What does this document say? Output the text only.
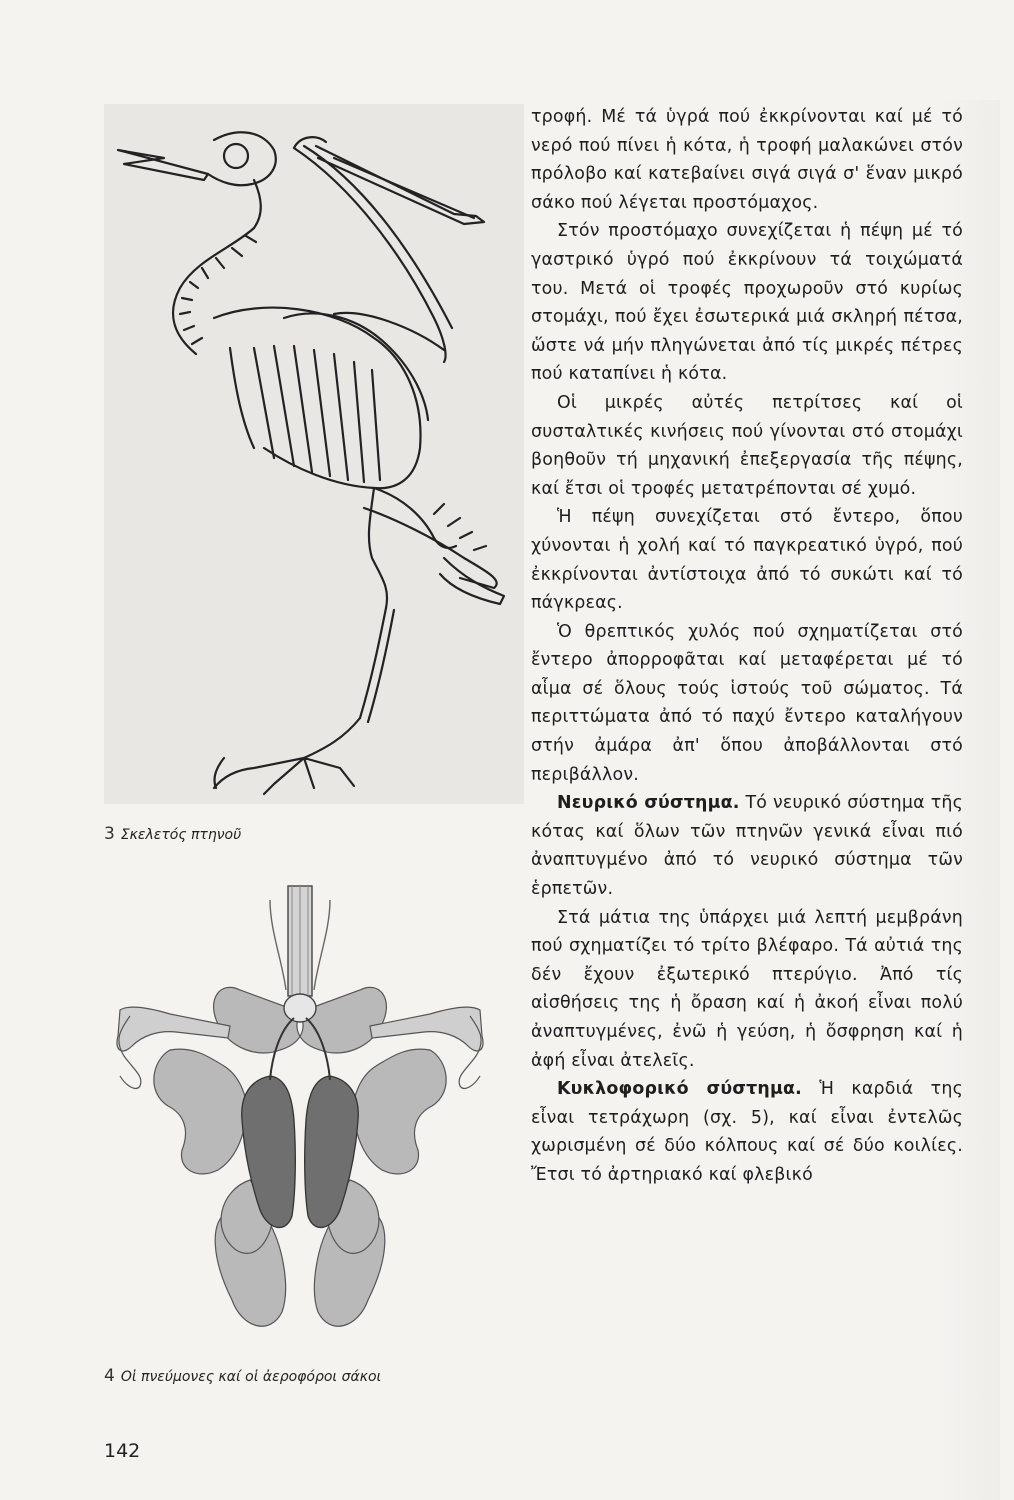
3 Σκελετός πτηνοῦ
4 Οἱ πνεύμονες καί οἱ ἀεροφόροι σάκοι

τροφή. Μέ τά ὑγρά πού ἐκκρίνονται καί μέ τό νερό πού πίνει ἡ κότα, ἡ τροφή μαλακώνει στόν πρόλοβο καί κατεβαίνει σιγά σιγά σ' ἕναν μικρό σάκο πού λέγεται προστόμαχος.

Στόν προστόμαχο συνεχίζεται ἡ πέψη μέ τό γαστρικό ὑγρό πού ἐκκρίνουν τά τοιχώματά του. Μετά οἱ τροφές προχωροῦν στό κυρίως στομάχι, πού ἔχει ἐσωτερικά μιά σκληρή πέτσα, ὥστε νά μήν πληγώνεται ἀπό τίς μικρές πέτρες πού καταπίνει ἡ κότα.

Οἱ μικρές αὐτές πετρίτσες καί οἱ συσταλτικές κινήσεις πού γίνονται στό στομάχι βοηθοῦν τή μηχανική ἐπεξεργασία τῆς πέψης, καί ἔτσι οἱ τροφές μετατρέπονται σέ χυμό.

Ἡ πέψη συνεχίζεται στό ἔντερο, ὅπου χύνονται ἡ χολή καί τό παγκρεατικό ὑγρό, πού ἐκκρίνονται ἀντίστοιχα ἀπό τό συκώτι καί τό πάγκρεας.

Ὁ θρεπτικός χυλός πού σχηματίζεται στό ἔντερο ἀπορροφᾶται καί μεταφέρεται μέ τό αἷμα σέ ὅλους τούς ἱστούς τοῦ σώματος. Τά περιττώματα ἀπό τό παχύ ἔντερο καταλήγουν στήν ἀμάρα ἀπ' ὅπου ἀποβάλλονται στό περιβάλλον.

Νευρικό σύστημα. Τό νευρικό σύστημα τῆς κότας καί ὅλων τῶν πτηνῶν γενικά εἶναι πιό ἀναπτυγμένο ἀπό τό νευρικό σύστημα τῶν ἑρπετῶν.

Στά μάτια της ὑπάρχει μιά λεπτή μεμβράνη πού σχηματίζει τό τρίτο βλέφαρο. Τά αὐτιά της δέν ἔχουν ἐξωτερικό πτερύγιο. Ἀπό τίς αἰσθήσεις της ἡ ὄραση καί ἡ ἀκοή εἶναι πολύ ἀναπτυγμένες, ἐνῶ ἡ γεύση, ἡ ὄσφρηση καί ἡ ἀφή εἶναι ἀτελεῖς.

Κυκλοφορικό σύστημα. Ἡ καρδιά της εἶναι τετράχωρη (σχ. 5), καί εἶναι ἐντελῶς χωρισμένη σέ δύο κόλπους καί σέ δύο κοιλίες. Ἔτσι τό ἀρτηριακό καί φλεβικό

142
